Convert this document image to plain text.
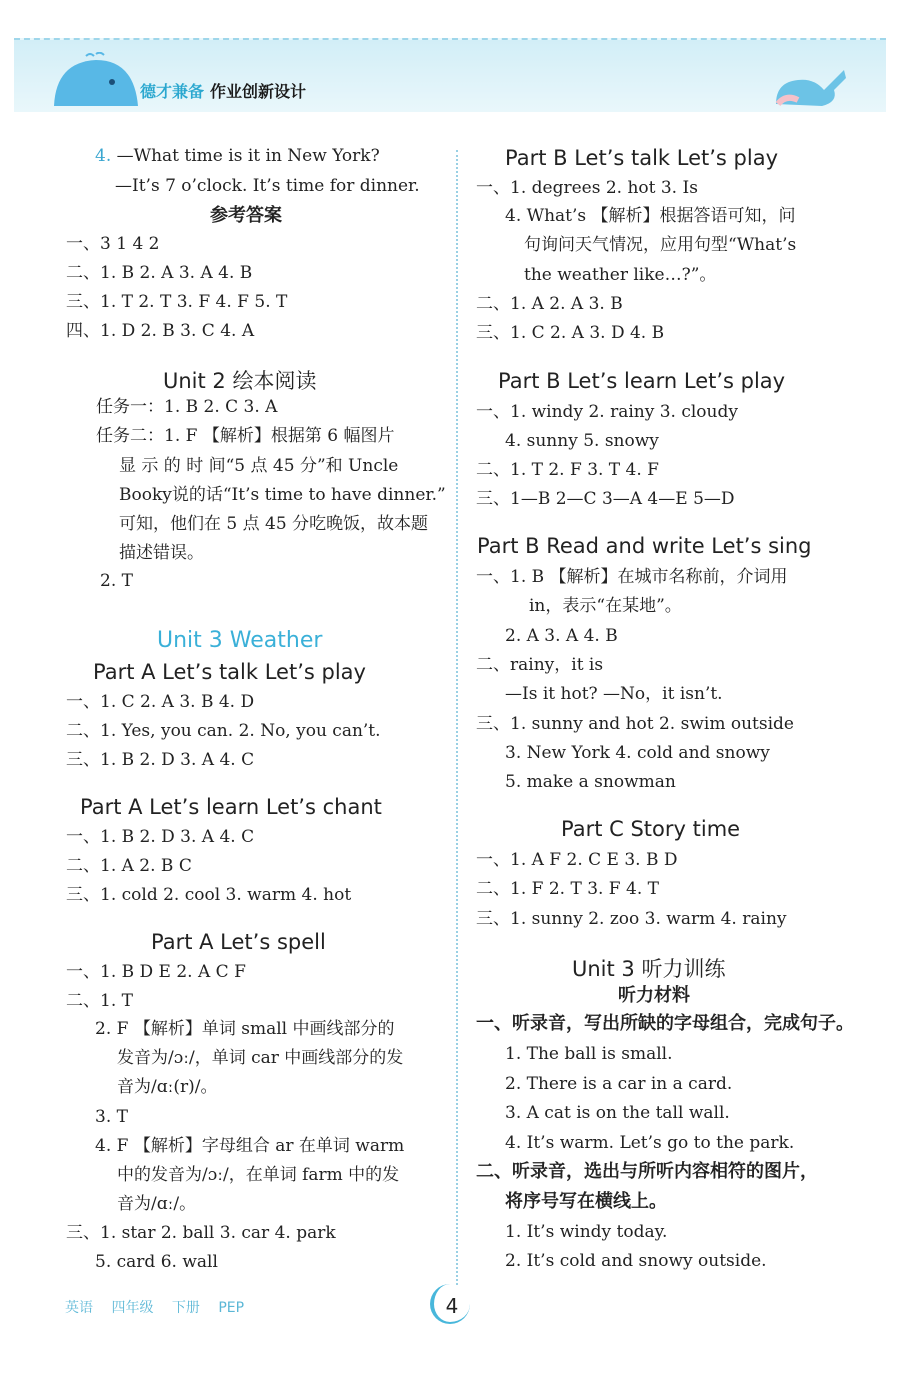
德才兼备 作业创新设计
4. —What time is it in New York?
—It’s 7 o’clock. It’s time for dinner.
参考答案
一、3 1 4 2
二、1. B 2. A 3. A 4. B
三、1. T 2. T 3. F 4. F 5. T
四、1. D 2. B 3. C 4. A
Unit 2 绘本阅读
任务一：1. B 2. C 3. A
任务二：1. F 【解析】根据第 6 幅图片
显 示 的 时 间“5 点 45 分”和 Uncle
Booky说的话“It’s time to have dinner.”
可知，他们在 5 点 45 分吃晚饭，故本题
描述错误。
2. T
Unit 3 Weather
Part A Let’s talk Let’s play
一、1. C 2. A 3. B 4. D
二、1. Yes, you can. 2. No, you can’t.
三、1. B 2. D 3. A 4. C
Part A Let’s learn Let’s chant
一、1. B 2. D 3. A 4. C
二、1. A 2. B C
三、1. cold 2. cool 3. warm 4. hot
Part A Let’s spell
一、1. B D E 2. A C F
二、1. T
2. F 【解析】单词 small 中画线部分的
发音为/ɔː/，单词 car 中画线部分的发
音为/ɑː(r)/。
3. T
4. F 【解析】字母组合 ar 在单词 warm
中的发音为/ɔː/，在单词 farm 中的发
音为/ɑː/。
三、1. star 2. ball 3. car 4. park
5. card 6. wall
Part B Let’s talk Let’s play
一、1. degrees 2. hot 3. Is
4. What’s 【解析】根据答语可知，问
句询问天气情况，应用句型“What’s
the weather like…?”。
二、1. A 2. A 3. B
三、1. C 2. A 3. D 4. B
Part B Let’s learn Let’s play
一、1. windy 2. rainy 3. cloudy
4. sunny 5. snowy
二、1. T 2. F 3. T 4. F
三、1—B 2—C 3—A 4—E 5—D
Part B Read and write Let’s sing
一、1. B 【解析】在城市名称前，介词用
in，表示“在某地”。
2. A 3. A 4. B
二、rainy，it is
—Is it hot? —No，it isn’t.
三、1. sunny and hot 2. swim outside
3. New York 4. cold and snowy
5. make a snowman
Part C Story time
一、1. A F 2. C E 3. B D
二、1. F 2. T 3. F 4. T
三、1. sunny 2. zoo 3. warm 4. rainy
Unit 3 听力训练
听力材料
一、听录音，写出所缺的字母组合，完成句子。
1. The ball is small.
2. There is a car in a card.
3. A cat is on the tall wall.
4. It’s warm. Let’s go to the park.
二、听录音，选出与所听内容相符的图片，
将序号写在横线上。
1. It’s windy today.
2. It’s cold and snowy outside.
英语 四年级 下册 PEP	4
